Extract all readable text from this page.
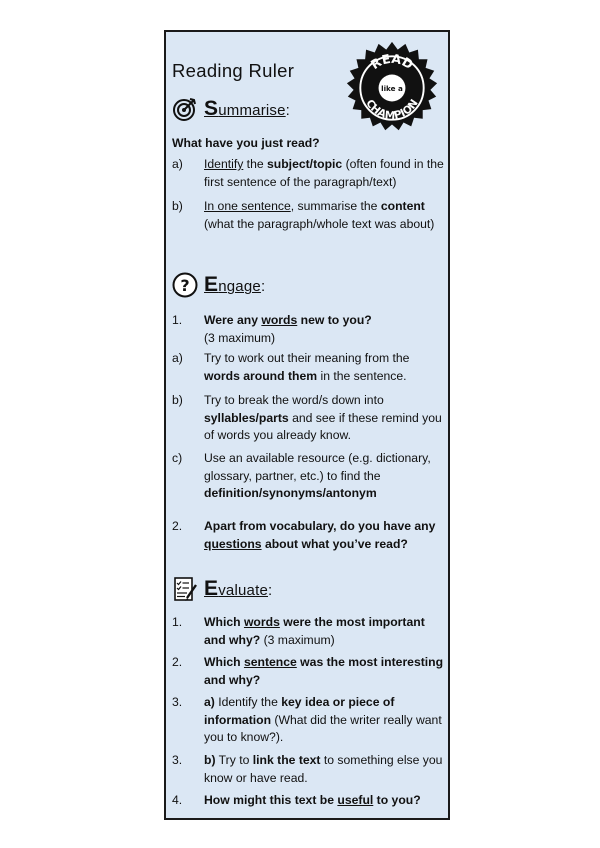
Reading Ruler	READ
like a
CHAMPION
Summarise:
What have you just read?
a)	Identify the subject/topic (often found in the first sentence of the paragraph/text)
b)	In one sentence, summarise the content (what the paragraph/whole text was about)
? Engage:
1.	Were any words new to you?
(3 maximum)
a)	Try to work out their meaning from the words around them in the sentence.
b)	Try to break the word/s down into syllables/parts and see if these remind you of words you already know.
c)	Use an available resource (e.g. dictionary, glossary, partner, etc.) to find the definition/synonyms/antonym
2.	Apart from vocabulary, do you have any questions about what you’ve read?
Evaluate:
1.	Which words were the most important and why? (3 maximum)
2.	Which sentence was the most interesting and why?
3.	a) Identify the key idea or piece of information (What did the writer really want you to know?).
3.	b) Try to link the text to something else you know or have read.
4.	How might this text be useful to you?
